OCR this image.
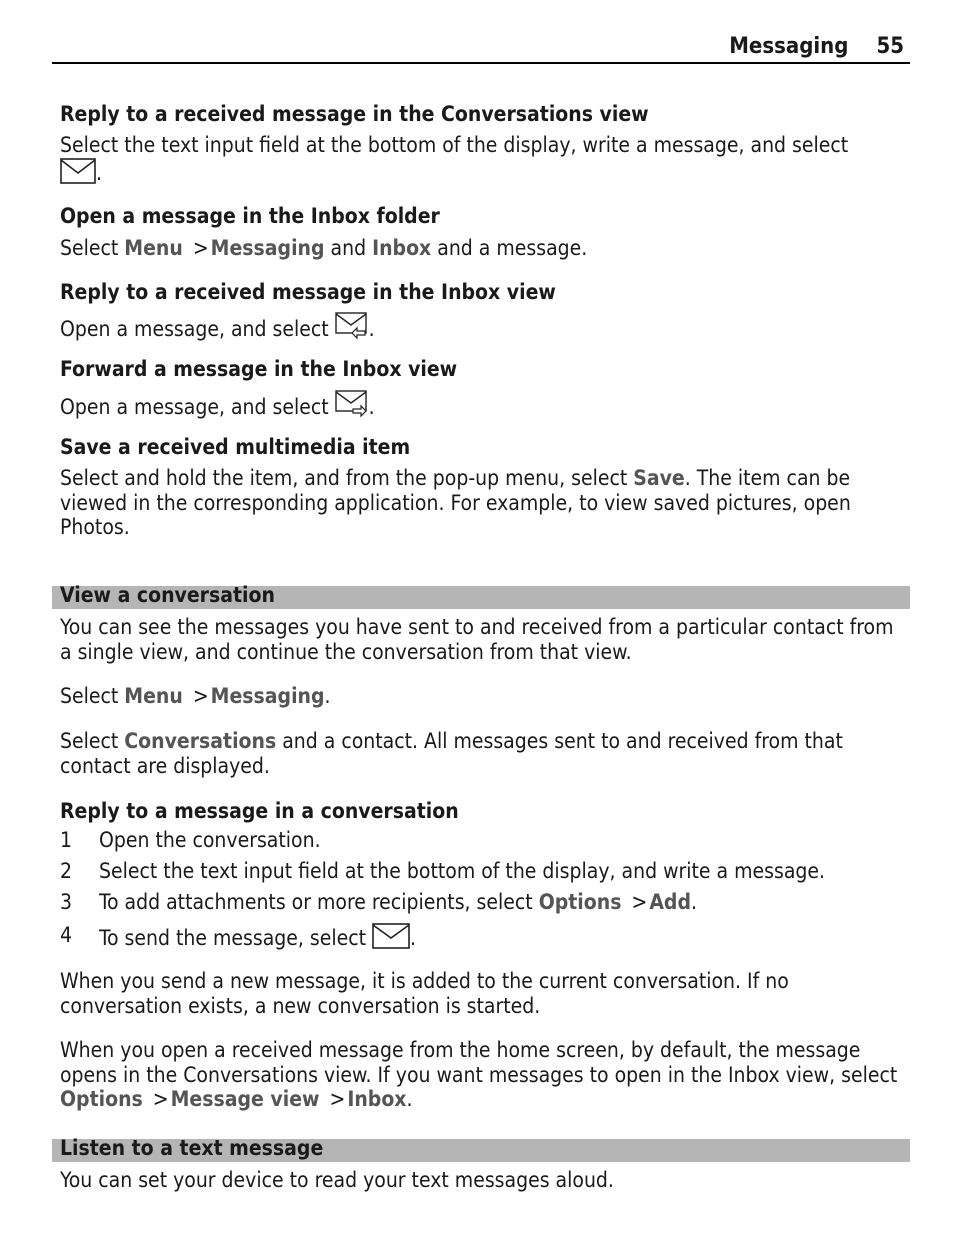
Messaging 55
Reply to a received message in the Conversations view
Select the text input field at the bottom of the display, write a message, and select
.
Open a message in the Inbox folder
Select Menu >Messaging and Inbox and a message.
Reply to a received message in the Inbox view
Open a message, and select .
Forward a message in the Inbox view
Open a message, and select .
Save a received multimedia item
Select and hold the item, and from the pop-up menu, select Save. The item can be viewed in the corresponding application. For example, to view saved pictures, open Photos.
View a conversation
You can see the messages you have sent to and received from a particular contact from a single view, and continue the conversation from that view.
Select Menu >Messaging.
Select Conversations and a contact. All messages sent to and received from that contact are displayed.
Reply to a message in a conversation
1 Open the conversation.
2 Select the text input field at the bottom of the display, and write a message.
3 To add attachments or more recipients, select Options >Add.
4 To send the message, select .
When you send a new message, it is added to the current conversation. If no conversation exists, a new conversation is started.
When you open a received message from the home screen, by default, the message opens in the Conversations view. If you want messages to open in the Inbox view, select Options >Message view >Inbox.
Listen to a text message
You can set your device to read your text messages aloud.
